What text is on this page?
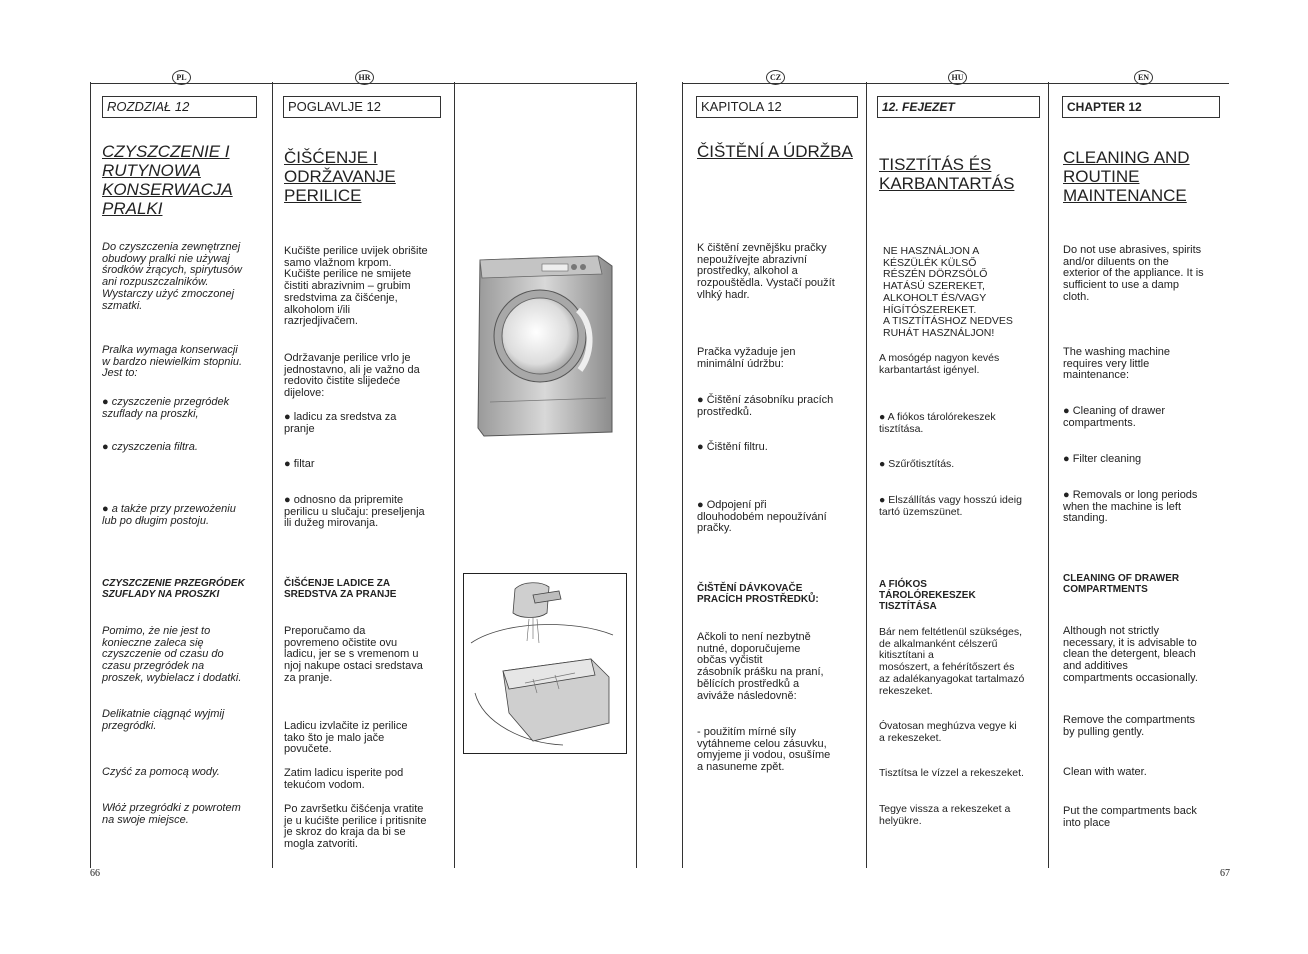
PL
ROZDZIAŁ 12
CZYSZCZENIE I
RUTYNOWA
KONSERWACJA
PRALKI
Do czyszczenia zewnętrznej
obudowy pralki nie używaj
środków żrących, spirytusów
ani rozpuszczalników.
Wystarczy użyć zmoczonej
szmatki.
Pralka wymaga konserwacji
w bardzo niewielkim stopniu.
Jest to:
● czyszczenie przegródek
szuflady na proszki,
● czyszczenia filtra.
● a także przy przewożeniu
lub po długim postoju.
CZYSZCZENIE PRZEGRÓDEK
SZUFLADY NA PROSZKI
Pomimo, że nie jest to
konieczne zaleca się
czyszczenie od czasu do
czasu przegródek na
proszek, wybielacz i dodatki.
Delikatnie ciągnąć wyjmij
przegródki.
Czyść za pomocą wody.
Włóż przegródki z powrotem
na swoje miejsce.
HR
POGLAVLJE 12
ČIŠĆENJE I
ODRŽAVANJE
PERILICE
Kučište perilice uvijek obrišite
samo vlažnom krpom.
Kučište perilice ne smijete
čistiti abrazivnim – grubim
sredstvima za čišćenje,
alkoholom i/ili
razrjedjivačem.
Održavanje perilice vrlo je
jednostavno, ali je važno da
redovito čistite slijedeće
dijelove:
● ladicu za sredstva za
pranje
● filtar
● odnosno da pripremite
perilicu u slučaju: preseljenja
ili dužeg mirovanja.
ČIŠĆENJE LADICE ZA
SREDSTVA ZA PRANJE
Preporučamo da
povremeno očistite ovu
ladicu, jer se s vremenom u
njoj nakupe ostaci sredstava
za pranje.
Ladicu izvlačite iz perilice
tako što je malo jače
povučete.
Zatim ladicu isperite pod
tekućom vodom.
Po završetku čišćenja vratite
je u kućište perilice i pritisnite
je skroz do kraja da bi se
mogla zatvoriti.
CZ
KAPITOLA 12
ČIŠTĚNÍ A ÚDRŽBA
K čištění zevnějšku pračky
nepoužívejte abrazivní
prostředky, alkohol a
rozpouštědla. Vystačí použít
vlhký hadr.
Pračka vyžaduje jen
minimální údržbu:
● Čištění zásobníku pracích
prostředků.
● Čištění filtru.
● Odpojení při
dlouhodobém nepoužívání
pračky.
ČIŠTĚNÍ DÁVKOVAČE
PRACÍCH PROSTŘEDKŮ:
Ačkoli to není nezbytně
nutné, doporučujeme
občas vyčistit
zásobník prášku na praní,
bělících prostředků a
aviváže následovně:
- použitím mírné síly
vytáhneme celou zásuvku,
omyjeme ji vodou, osušíme
a nasuneme zpět.
HU
12. FEJEZET
TISZTÍTÁS ÉS
KARBANTARTÁS
NE HASZNÁLJON A
KÉSZÜLÉK KÜLSŐ
RÉSZÉN DÖRZSÖLŐ
HATÁSÚ SZEREKET,
ALKOHOLT ÉS/VAGY
HÍGÍTÓSZEREKET.
A TISZTÍTÁSHOZ NEDVES
RUHÁT HASZNÁLJON!
A mosógép nagyon kevés
karbantartást igényel.
● A fiókos tárolórekeszek
tisztítása.
● Szűrőtisztítás.
● Elszállítás vagy hosszú ideig
tartó üzemszünet.
A FIÓKOS
TÁROLÓREKESZEK
TISZTÍTÁSA
Bár nem feltétlenül szükséges,
de alkalmanként célszerű
kitisztítani a
mosószert, a fehérítőszert és
az adalékanyagokat tartalmazó
rekeszeket.
Óvatosan meghúzva vegye ki
a rekeszeket.
Tisztítsa le vízzel a rekeszeket.
Tegye vissza a rekeszeket a
helyükre.
EN
CHAPTER 12
CLEANING AND
ROUTINE
MAINTENANCE
Do not use abrasives, spirits
and/or diluents on the
exterior of the appliance. It is
sufficient to use a damp
cloth.
The washing machine
requires very little
maintenance:
● Cleaning of drawer
compartments.
● Filter cleaning
● Removals or long periods
when the machine is left
standing.
CLEANING OF DRAWER
COMPARTMENTS
Although not strictly
necessary, it is advisable to
clean the detergent, bleach
and additives
compartments occasionally.
Remove the compartments
by pulling gently.
Clean with water.
Put the compartments back
into place
66	67
